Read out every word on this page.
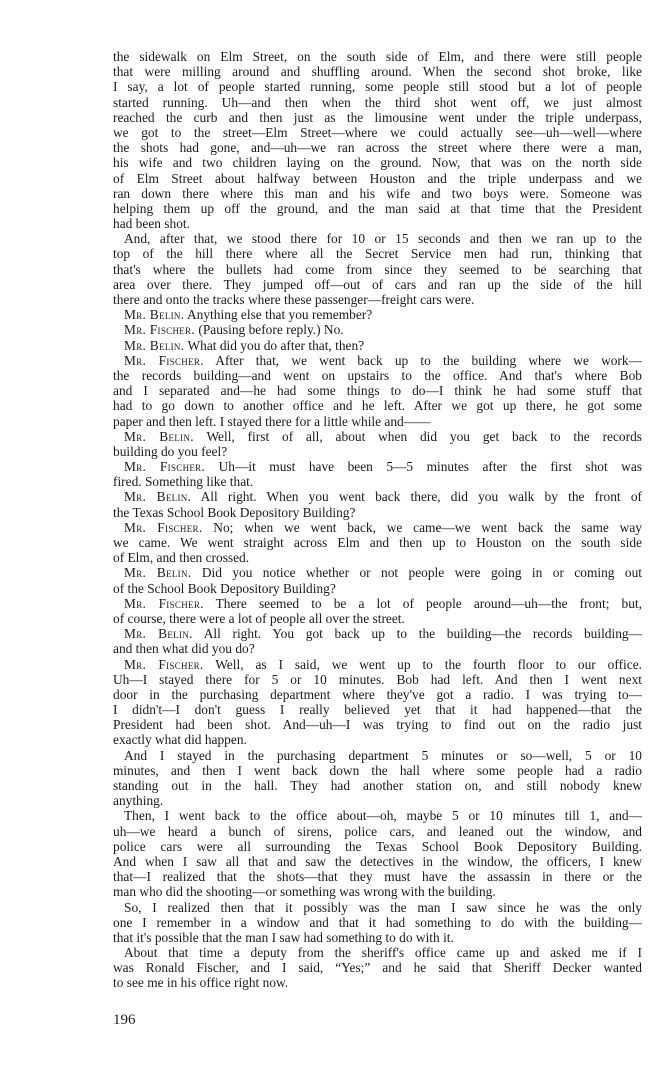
the sidewalk on Elm Street, on the south side of Elm, and there were still people
that were milling around and shuffling around. When the second shot broke, like
I say, a lot of people started running, some people still stood but a lot of people
started running. Uh—and then when the third shot went off, we just almost
reached the curb and then just as the limousine went under the triple underpass,
we got to the street—Elm Street—where we could actually see—uh—well—where
the shots had gone, and—uh—we ran across the street where there were a man,
his wife and two children laying on the ground. Now, that was on the north side
of Elm Street about halfway between Houston and the triple underpass and we
ran down there where this man and his wife and two boys were. Someone was
helping them up off the ground, and the man said at that time that the President
had been shot.
And, after that, we stood there for 10 or 15 seconds and then we ran up to the
top of the hill there where all the Secret Service men had run, thinking that
that's where the bullets had come from since they seemed to be searching that
area over there. They jumped off—out of cars and ran up the side of the hill
there and onto the tracks where these passenger—freight cars were.
Mr. Belin. Anything else that you remember?
Mr. Fischer. (Pausing before reply.) No.
Mr. Belin. What did you do after that, then?
Mr. Fischer. After that, we went back up to the building where we work—
the records building—and went on upstairs to the office. And that's where Bob
and I separated and—he had some things to do—I think he had some stuff that
had to go down to another office and he left. After we got up there, he got some
paper and then left. I stayed there for a little while and——
Mr. Belin. Well, first of all, about when did you get back to the records
building do you feel?
Mr. Fischer. Uh—it must have been 5—5 minutes after the first shot was
fired. Something like that.
Mr. Belin. All right. When you went back there, did you walk by the front of
the Texas School Book Depository Building?
Mr. Fischer. No; when we went back, we came—we went back the same way
we came. We went straight across Elm and then up to Houston on the south side
of Elm, and then crossed.
Mr. Belin. Did you notice whether or not people were going in or coming out
of the School Book Depository Building?
Mr. Fischer. There seemed to be a lot of people around—uh—the front; but,
of course, there were a lot of people all over the street.
Mr. Belin. All right. You got back up to the building—the records building—
and then what did you do?
Mr. Fischer. Well, as I said, we went up to the fourth floor to our office.
Uh—I stayed there for 5 or 10 minutes. Bob had left. And then I went next
door in the purchasing department where they've got a radio. I was trying to—
I didn't—I don't guess I really believed yet that it had happened—that the
President had been shot. And—uh—I was trying to find out on the radio just
exactly what did happen.
And I stayed in the purchasing department 5 minutes or so—well, 5 or 10
minutes, and then I went back down the hall where some people had a radio
standing out in the hall. They had another station on, and still nobody knew
anything.
Then, I went back to the office about—oh, maybe 5 or 10 minutes till 1, and—
uh—we heard a bunch of sirens, police cars, and leaned out the window, and
police cars were all surrounding the Texas School Book Depository Building.
And when I saw all that and saw the detectives in the window, the officers, I knew
that—I realized that the shots—that they must have the assassin in there or the
man who did the shooting—or something was wrong with the building.
So, I realized then that it possibly was the man I saw since he was the only
one I remember in a window and that it had something to do with the building—
that it's possible that the man I saw had something to do with it.
About that time a deputy from the sheriff's office came up and asked me if I
was Ronald Fischer, and I said, “Yes;” and he said that Sheriff Decker wanted
to see me in his office right now.
196
